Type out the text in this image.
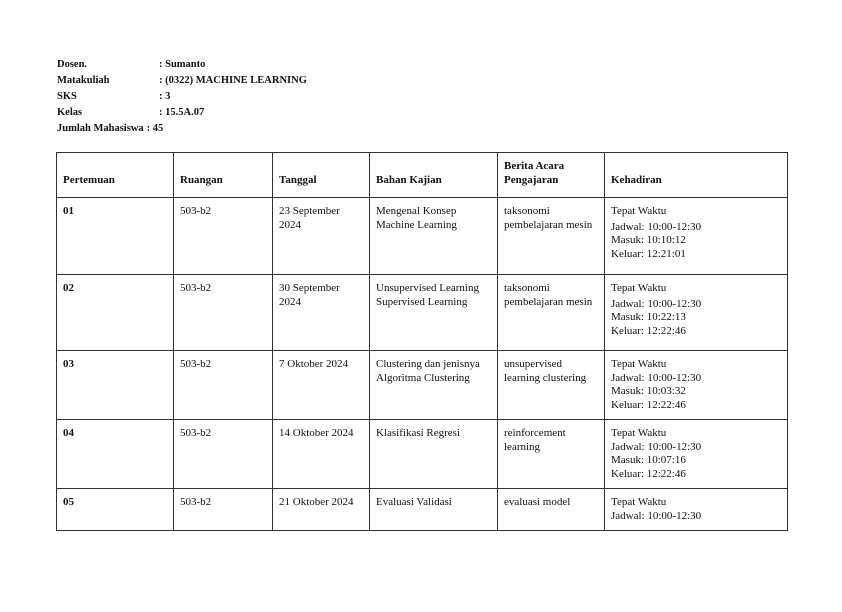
Dosen.	: Sumanto
Matakuliah	: (0322) MACHINE LEARNING
SKS	: 3
Kelas	: 15.5A.07
Jumlah Mahasiswa : 45
Pertemuan	Ruangan	Tanggal	Bahan Kajian	Berita Acara
Pengajaran	Kehadiran
01	503-b2	23 September 2024	Mengenal Konsep
Machine Learning	taksonomi pembelajaran mesin	Tepat Waktu
Jadwal: 10:00-12:30
Masuk: 10:10:12
Keluar: 12:21:01

02	503-b2	30 September 2024	Unsupervised Learning
Supervised Learning	taksonomi pembelajaran mesin	Tepat Waktu
Jadwal: 10:00-12:30
Masuk: 10:22:13
Keluar: 12:22:46

03	503-b2	7 Oktober 2024	Clustering dan jenisnya
Algoritma Clustering	unsupervised learning clustering	Tepat Waktu
Jadwal: 10:00-12:30
Masuk: 10:03:32
Keluar: 12:22:46

04	503-b2	14 Oktober 2024	Klasifikasi Regresi	reinforcement learning	Tepat Waktu
Jadwal: 10:00-12:30
Masuk: 10:07:16
Keluar: 12:22:46

05	503-b2	21 Oktober 2024	Evaluasi Validasi	evaluasi model	Tepat Waktu
Jadwal: 10:00-12:30
